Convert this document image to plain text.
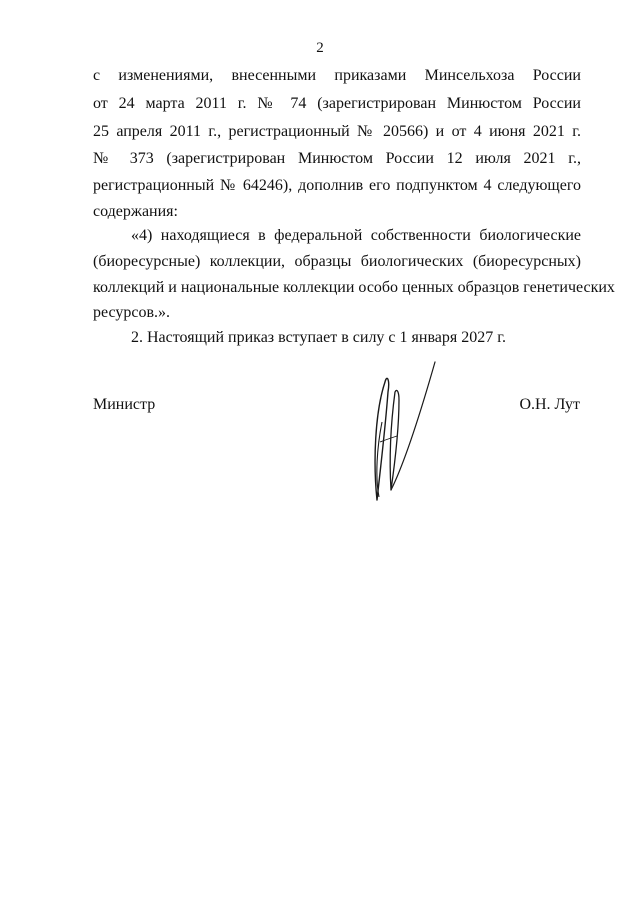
2
с изменениями, внесенными приказами Минсельхоза России
от 24 марта 2011 г. № 74 (зарегистрирован Минюстом России
25 апреля 2011 г., регистрационный № 20566) и от 4 июня 2021 г.
№ 373 (зарегистрирован Минюстом России 12 июля 2021 г.,
регистрационный № 64246), дополнив его подпунктом 4 следующего
содержания:
«4) находящиеся в федеральной собственности биологические
(биоресурсные) коллекции, образцы биологических (биоресурсных)
коллекций и национальные коллекции особо ценных образцов генетических
ресурсов.».
2. Настоящий приказ вступает в силу с 1 января 2027 г.
Министр	О.Н. Лут
